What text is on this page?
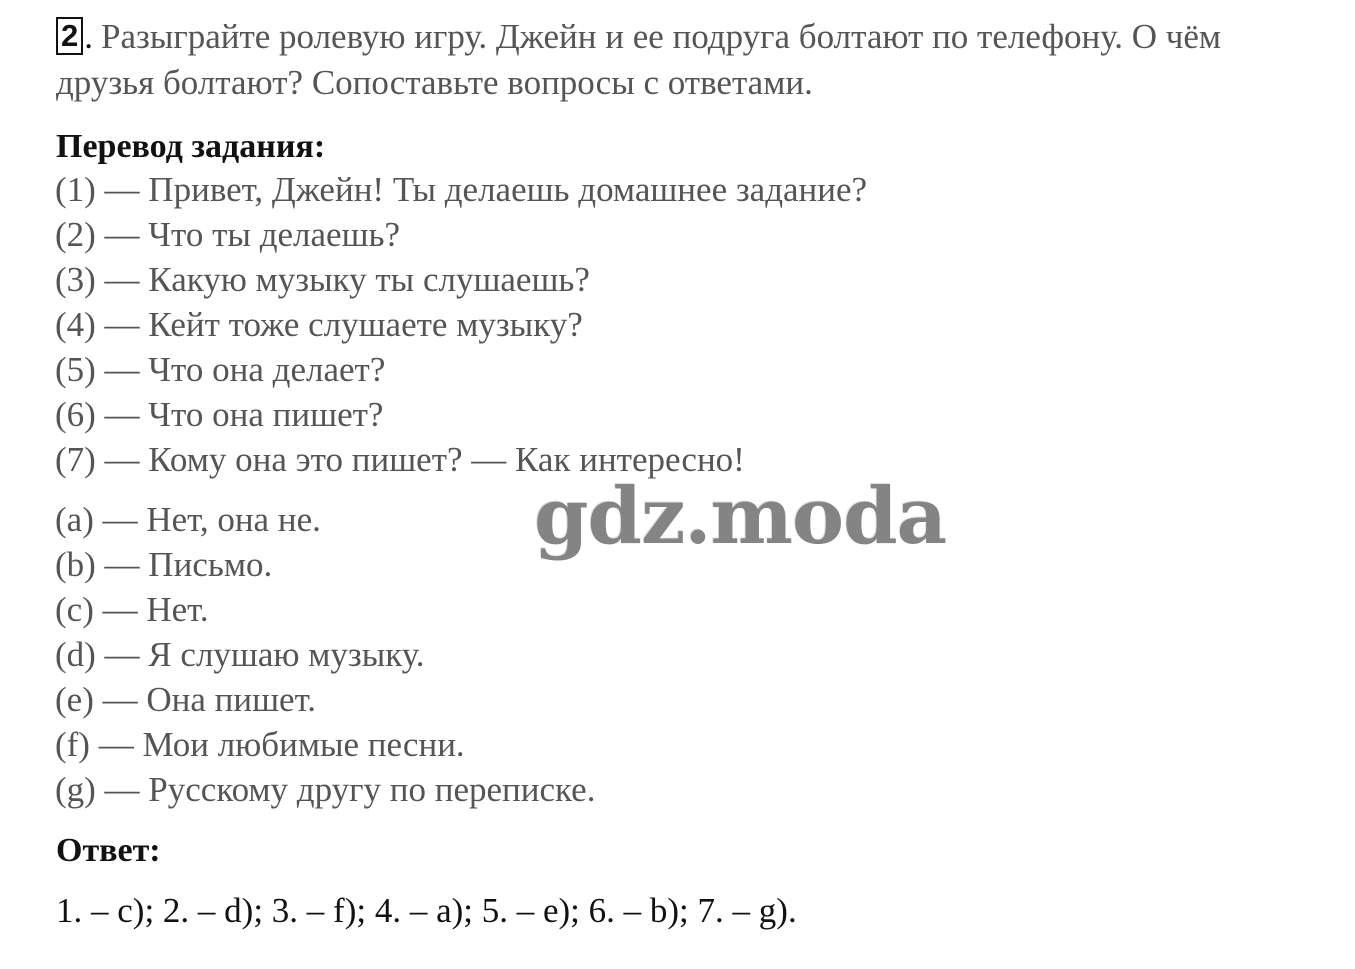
2 . Разыграйте ролевую игру. Джейн и ее подруга болтают по телефону. О чём друзья болтают? Сопоставьте вопросы с ответами.
Перевод задания:
(1) — Привет, Джейн! Ты делаешь домашнее задание?
(2) — Что ты делаешь?
(3) — Какую музыку ты слушаешь?
(4) — Кейт тоже слушаете музыку?
(5) — Что она делает?
(6) — Что она пишет?
(7) — Кому она это пишет? — Как интересно!
(a) — Нет, она не.
(b) — Письмо.
(c) — Нет.
(d) — Я слушаю музыку.
(e) — Она пишет.
(f) — Мои любимые песни.
(g) — Русскому другу по переписке.
Ответ:
1. – c); 2. – d); 3. – f); 4. – a); 5. – e); 6. – b); 7. – g).
gdz.moda
